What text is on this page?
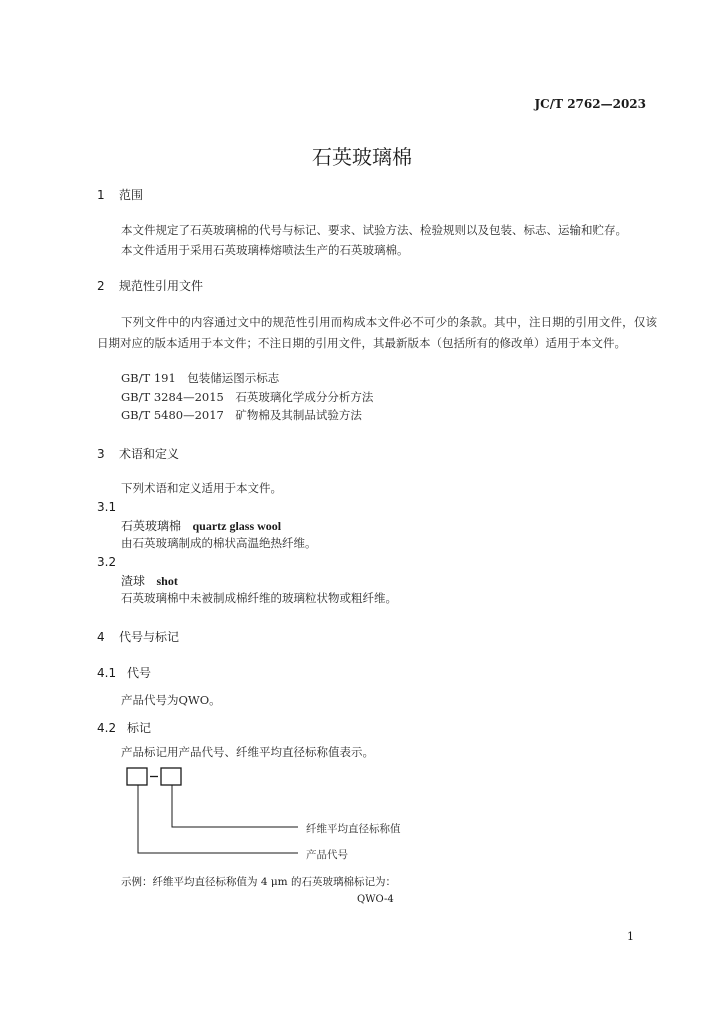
JC/T 2762—2023
石英玻璃棉
1 范围
本文件规定了石英玻璃棉的代号与标记、要求、试验方法、检验规则以及包装、标志、运输和贮存。
本文件适用于采用石英玻璃棒熔喷法生产的石英玻璃棉。
2 规范性引用文件
下列文件中的内容通过文中的规范性引用而构成本文件必不可少的条款。其中，注日期的引用文件，仅该日期对应的版本适用于本文件；不注日期的引用文件，其最新版本（包括所有的修改单）适用于本文件。
GB/T 191　包装储运图示标志
GB/T 3284—2015　石英玻璃化学成分分析方法
GB/T 5480—2017　矿物棉及其制品试验方法
3 术语和定义
下列术语和定义适用于本文件。
3.1
石英玻璃棉 quartz glass wool
由石英玻璃制成的棉状高温绝热纤维。
3.2
渣球 shot
石英玻璃棉中未被制成棉纤维的玻璃粒状物或粗纤维。
4 代号与标记
4.1 代号
产品代号为QWO。
4.2 标记
产品标记用产品代号、纤维平均直径标称值表示。
纤维平均直径标称值
产品代号
示例：纤维平均直径标称值为 4 μm 的石英玻璃棉标记为：
QWO-4
1
